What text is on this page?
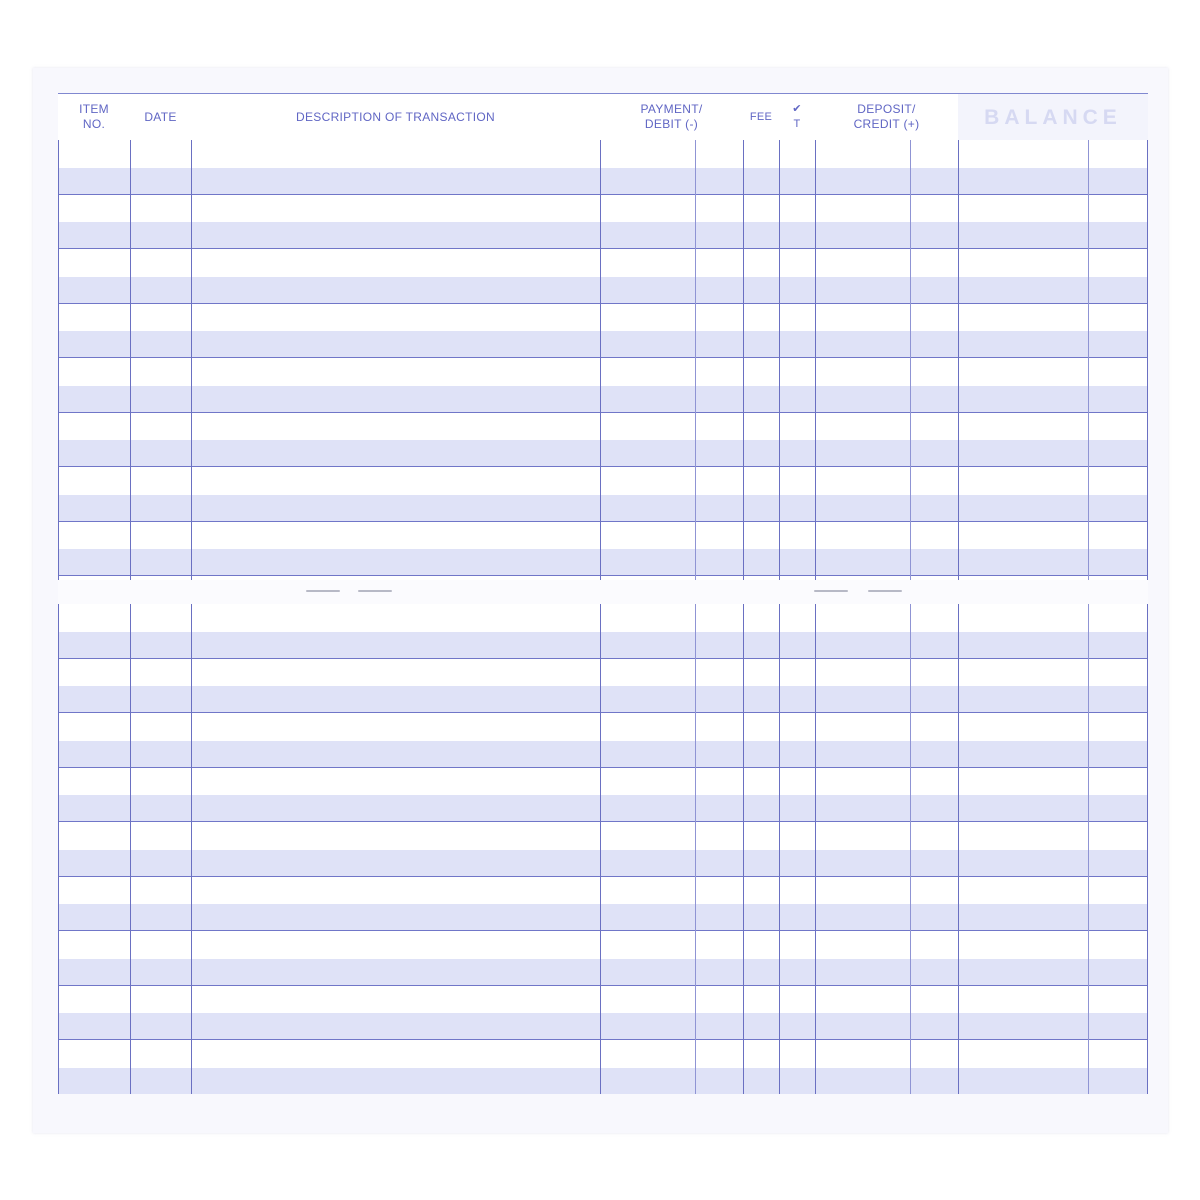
ITEM
NO.
DATE	DESCRIPTION OF TRANSACTION
PAYMENT/
DEBIT (-)
FEE
✔
T
DEPOSIT/
CREDIT (+)	BALANCE
